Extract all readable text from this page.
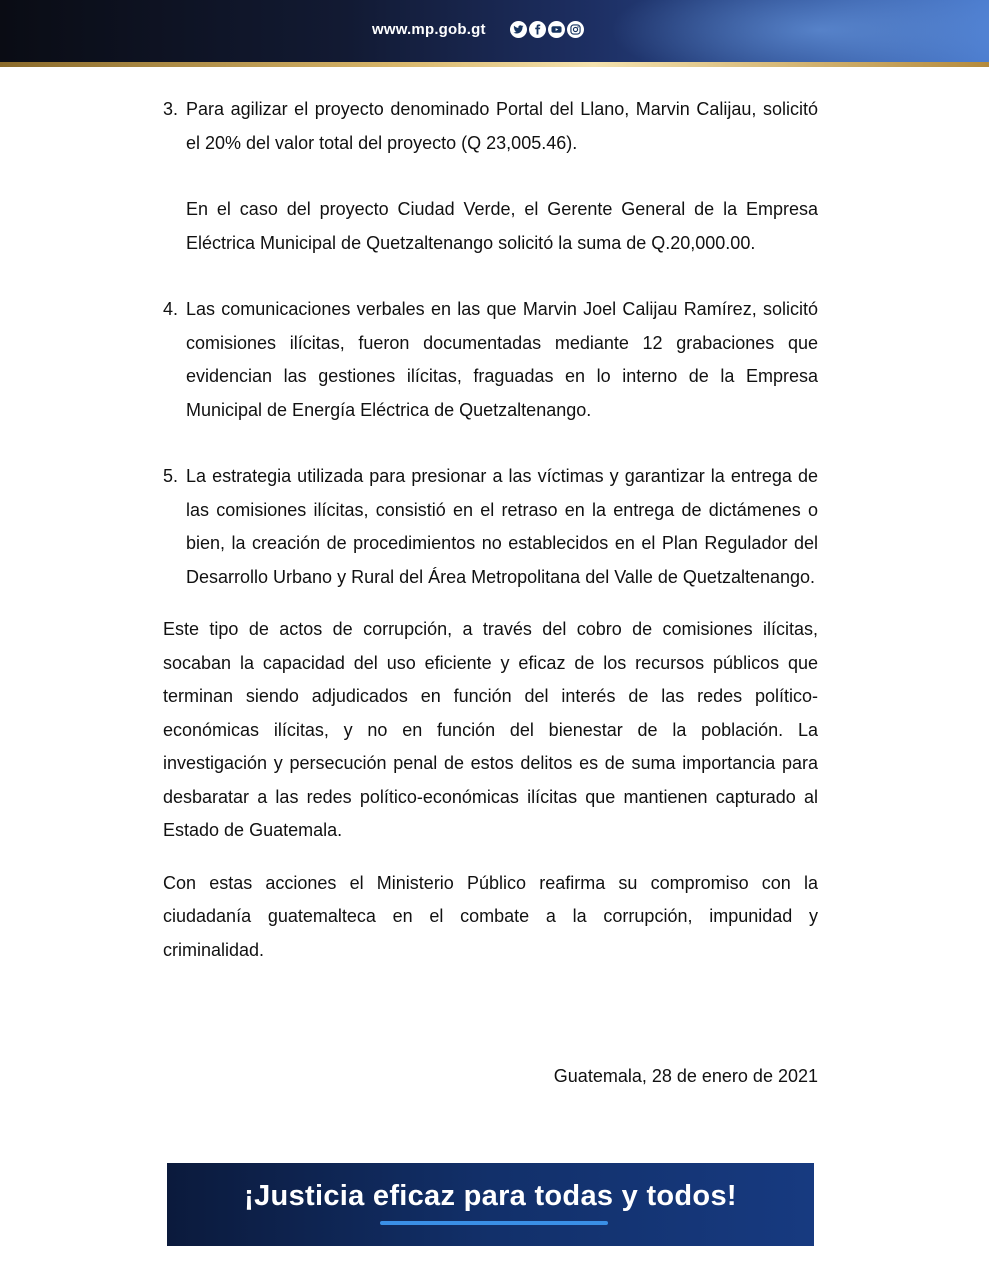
www.mp.gob.gt
3. Para agilizar el proyecto denominado Portal del Llano, Marvin Calijau, solicitó el 20% del valor total del proyecto (Q 23,005.46).
En el caso del proyecto Ciudad Verde, el Gerente General de la Empresa Eléctrica Municipal de Quetzaltenango solicitó la suma de Q.20,000.00.
4. Las comunicaciones verbales en las que Marvin Joel Calijau Ramírez, solicitó comisiones ilícitas, fueron documentadas mediante 12 grabaciones que evidencian las gestiones ilícitas, fraguadas en lo interno de la Empresa Municipal de Energía Eléctrica de Quetzaltenango.
5. La estrategia utilizada para presionar a las víctimas y garantizar la entrega de las comisiones ilícitas, consistió en el retraso en la entrega de dictámenes o bien, la creación de procedimientos no establecidos en el Plan Regulador del Desarrollo Urbano y Rural del Área Metropolitana del Valle de Quetzaltenango.

Este tipo de actos de corrupción, a través del cobro de comisiones ilícitas, socaban la capacidad del uso eficiente y eficaz de los recursos públicos que terminan siendo adjudicados en función del interés de las redes político-económicas ilícitas, y no en función del bienestar de la población. La investigación y persecución penal de estos delitos es de suma importancia para desbaratar a las redes político-económicas ilícitas que mantienen capturado al Estado de Guatemala.

Con estas acciones el Ministerio Público reafirma su compromiso con la ciudadanía guatemalteca en el combate a la corrupción, impunidad y criminalidad.

Guatemala, 28 de enero de 2021
¡Justicia eficaz para todas y todos!
